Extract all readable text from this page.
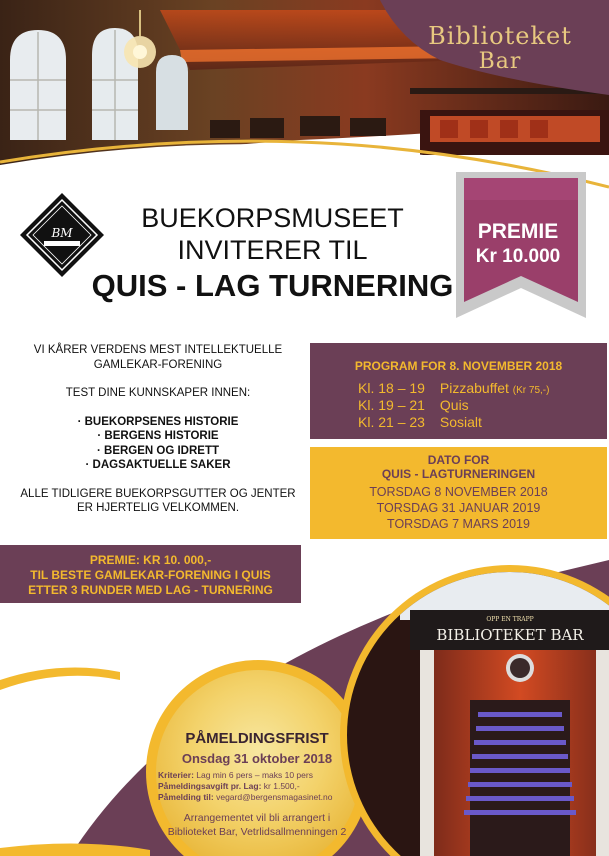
Biblioteket
Bar
BM	BUEKORPSMUSEET
INVITERER TIL
QUIS - LAG TURNERING
PREMIE
Kr 10.000
VI KÅRER VERDENS MEST INTELLEKTUELLE
GAMLEKAR-FORENING
TEST DINE KUNNSKAPER INNEN:
· BUEKORPSENES HISTORIE
· BERGENS HISTORIE
· BERGEN OG IDRETT
· DAGSAKTUELLE SAKER
ALLE TIDLIGERE BUEKORPSGUTTER OG JENTER
ER HJERTELIG VELKOMMEN.
PROGRAM FOR 8. NOVEMBER 2018
Kl. 18 – 19 Pizzabuffet (Kr 75,-)
Kl. 19 – 21 Quis
Kl. 21 – 23 Sosialt
DATO FOR
QUIS - LAGTURNERINGEN
TORSDAG 8 NOVEMBER 2018
TORSDAG 31 JANUAR 2019
TORSDAG 7 MARS 2019
PREMIE: KR 10. 000,-
TIL BESTE GAMLEKAR-FORENING I QUIS
ETTER 3 RUNDER MED LAG - TURNERING
OPP EN TRAPP
BIBLIOTEKET BAR
PÅMELDINGSFRIST
Onsdag 31 oktober 2018
Kriterier: Lag min 6 pers – maks 10 pers
Påmeldingsavgift pr. Lag: kr 1.500,-
Påmelding til: vegard@bergensmagasinet.no
Arrangementet vil bli arrangert i
Biblioteket Bar, Vetrlidsallmenningen 2
